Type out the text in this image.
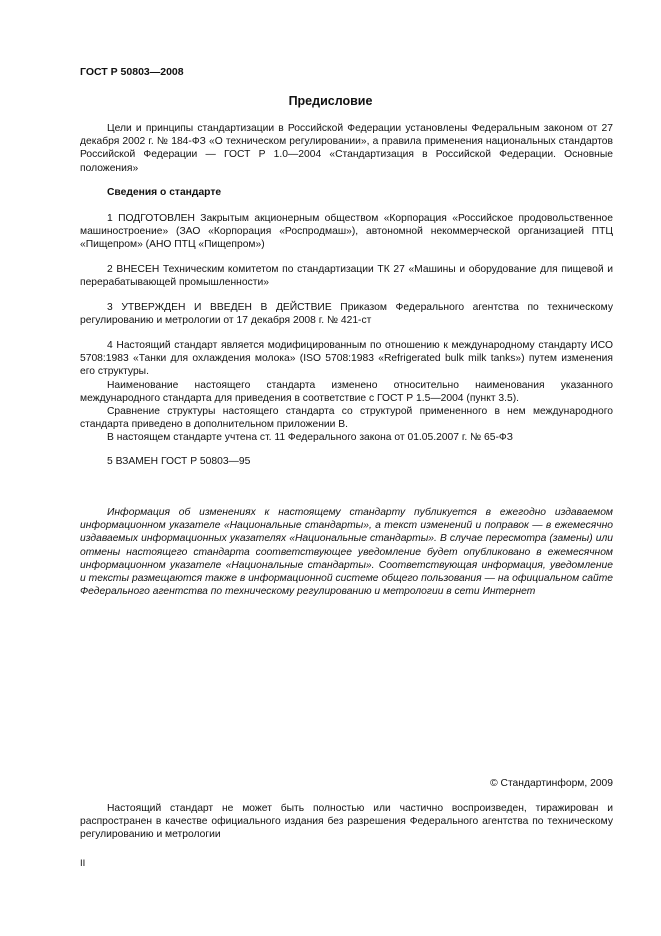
ГОСТ Р 50803—2008
Предисловие

Цели и принципы стандартизации в Российской Федерации установлены Федеральным законом от 27 декабря 2002 г. № 184-ФЗ «О техническом регулировании», а правила применения национальных стандартов Российской Федерации — ГОСТ Р 1.0—2004 «Стандартизация в Российской Федерации. Основные положения»

Сведения о стандарте

1 ПОДГОТОВЛЕН Закрытым акционерным обществом «Корпорация «Российское продовольственное машиностроение» (ЗАО «Корпорация «Роспродмаш»), автономной некоммерческой организацией ПТЦ «Пищепром» (АНО ПТЦ «Пищепром»)

2 ВНЕСЕН Техническим комитетом по стандартизации ТК 27 «Машины и оборудование для пищевой и перерабатывающей промышленности»

3 УТВЕРЖДЕН И ВВЕДЕН В ДЕЙСТВИЕ Приказом Федерального агентства по техническому регулированию и метрологии от 17 декабря 2008 г. № 421-ст

4 Настоящий стандарт является модифицированным по отношению к международному стандарту ИСО 5708:1983 «Танки для охлаждения молока» (ISO 5708:1983 «Refrigerated bulk milk tanks») путем изменения его структуры.

Наименование настоящего стандарта изменено относительно наименования указанного международного стандарта для приведения в соответствие с ГОСТ Р 1.5—2004 (пункт 3.5).

Сравнение структуры настоящего стандарта со структурой примененного в нем международного стандарта приведено в дополнительном приложении В.

В настоящем стандарте учтена ст. 11 Федерального закона от 01.05.2007 г. № 65-ФЗ

5 ВЗАМЕН ГОСТ Р 50803—95

Информация об изменениях к настоящему стандарту публикуется в ежегодно издаваемом информационном указателе «Национальные стандарты», а текст изменений и поправок — в ежемесячно издаваемых информационных указателях «Национальные стандарты». В случае пересмотра (замены) или отмены настоящего стандарта соответствующее уведомление будет опубликовано в ежемесячном информационном указателе «Национальные стандарты». Соответствующая информация, уведомление и тексты размещаются также в информационной системе общего пользования — на официальном сайте Федерального агентства по техническому регулированию и метрологии в сети Интернет

© Стандартинформ, 2009

Настоящий стандарт не может быть полностью или частично воспроизведен, тиражирован и распространен в качестве официального издания без разрешения Федерального агентства по техническому регулированию и метрологии

II
